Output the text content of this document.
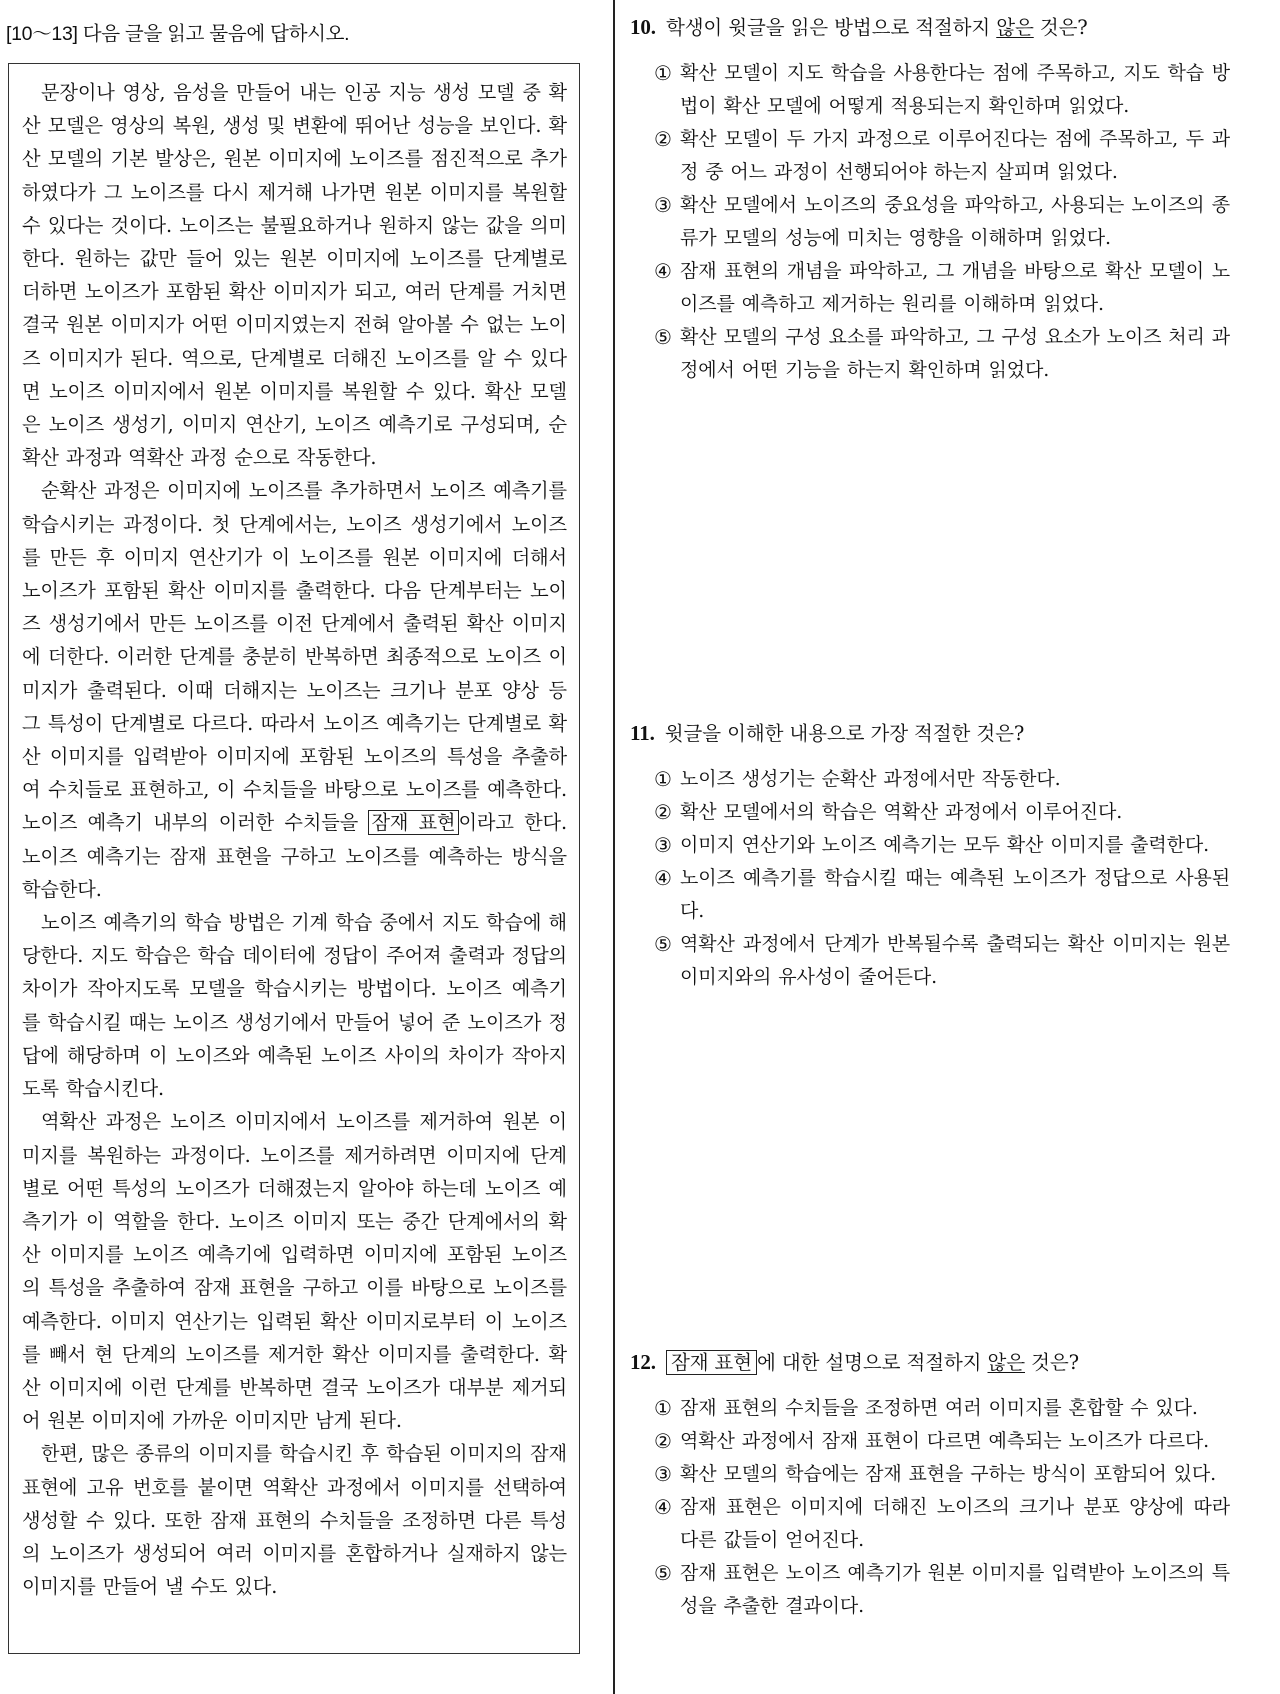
[10～13] 다음 글을 읽고 물음에 답하시오.

문장이나 영상, 음성을 만들어 내는 인공 지능 생성 모델 중 확산 모델은 영상의 복원, 생성 및 변환에 뛰어난 성능을 보인다. 확산 모델의 기본 발상은, 원본 이미지에 노이즈를 점진적으로 추가하였다가 그 노이즈를 다시 제거해 나가면 원본 이미지를 복원할 수 있다는 것이다. 노이즈는 불필요하거나 원하지 않는 값을 의미한다. 원하는 값만 들어 있는 원본 이미지에 노이즈를 단계별로 더하면 노이즈가 포함된 확산 이미지가 되고, 여러 단계를 거치면 결국 원본 이미지가 어떤 이미지였는지 전혀 알아볼 수 없는 노이즈 이미지가 된다. 역으로, 단계별로 더해진 노이즈를 알 수 있다면 노이즈 이미지에서 원본 이미지를 복원할 수 있다. 확산 모델은 노이즈 생성기, 이미지 연산기, 노이즈 예측기로 구성되며, 순확산 과정과 역확산 과정 순으로 작동한다.

순확산 과정은 이미지에 노이즈를 추가하면서 노이즈 예측기를 학습시키는 과정이다. 첫 단계에서는, 노이즈 생성기에서 노이즈를 만든 후 이미지 연산기가 이 노이즈를 원본 이미지에 더해서 노이즈가 포함된 확산 이미지를 출력한다. 다음 단계부터는 노이즈 생성기에서 만든 노이즈를 이전 단계에서 출력된 확산 이미지에 더한다. 이러한 단계를 충분히 반복하면 최종적으로 노이즈 이미지가 출력된다. 이때 더해지는 노이즈는 크기나 분포 양상 등 그 특성이 단계별로 다르다. 따라서 노이즈 예측기는 단계별로 확산 이미지를 입력받아 이미지에 포함된 노이즈의 특성을 추출하여 수치들로 표현하고, 이 수치들을 바탕으로 노이즈를 예측한다. 노이즈 예측기 내부의 이러한 수치들을 잠재 표현 이라고 한다. 노이즈 예측기는 잠재 표현을 구하고 노이즈를 예측하는 방식을 학습한다.

노이즈 예측기의 학습 방법은 기계 학습 중에서 지도 학습에 해당한다. 지도 학습은 학습 데이터에 정답이 주어져 출력과 정답의 차이가 작아지도록 모델을 학습시키는 방법이다. 노이즈 예측기를 학습시킬 때는 노이즈 생성기에서 만들어 넣어 준 노이즈가 정답에 해당하며 이 노이즈와 예측된 노이즈 사이의 차이가 작아지도록 학습시킨다.

역확산 과정은 노이즈 이미지에서 노이즈를 제거하여 원본 이미지를 복원하는 과정이다. 노이즈를 제거하려면 이미지에 단계별로 어떤 특성의 노이즈가 더해졌는지 알아야 하는데 노이즈 예측기가 이 역할을 한다. 노이즈 이미지 또는 중간 단계에서의 확산 이미지를 노이즈 예측기에 입력하면 이미지에 포함된 노이즈의 특성을 추출하여 잠재 표현을 구하고 이를 바탕으로 노이즈를 예측한다. 이미지 연산기는 입력된 확산 이미지로부터 이 노이즈를 빼서 현 단계의 노이즈를 제거한 확산 이미지를 출력한다. 확산 이미지에 이런 단계를 반복하면 결국 노이즈가 대부분 제거되어 원본 이미지에 가까운 이미지만 남게 된다.

한편, 많은 종류의 이미지를 학습시킨 후 학습된 이미지의 잠재 표현에 고유 번호를 붙이면 역확산 과정에서 이미지를 선택하여 생성할 수 있다. 또한 잠재 표현의 수치들을 조정하면 다른 특성의 노이즈가 생성되어 여러 이미지를 혼합하거나 실재하지 않는 이미지를 만들어 낼 수도 있다.

10. 학생이 윗글을 읽은 방법으로 적절하지 않은 것은?
① 확산 모델이 지도 학습을 사용한다는 점에 주목하고, 지도 학습 방법이 확산 모델에 어떻게 적용되는지 확인하며 읽었다.
② 확산 모델이 두 가지 과정으로 이루어진다는 점에 주목하고, 두 과정 중 어느 과정이 선행되어야 하는지 살피며 읽었다.
③ 확산 모델에서 노이즈의 중요성을 파악하고, 사용되는 노이즈의 종류가 모델의 성능에 미치는 영향을 이해하며 읽었다.
④ 잠재 표현의 개념을 파악하고, 그 개념을 바탕으로 확산 모델이 노이즈를 예측하고 제거하는 원리를 이해하며 읽었다.
⑤ 확산 모델의 구성 요소를 파악하고, 그 구성 요소가 노이즈 처리 과정에서 어떤 기능을 하는지 확인하며 읽었다.
11. 윗글을 이해한 내용으로 가장 적절한 것은?
① 노이즈 생성기는 순확산 과정에서만 작동한다.
② 확산 모델에서의 학습은 역확산 과정에서 이루어진다.
③ 이미지 연산기와 노이즈 예측기는 모두 확산 이미지를 출력한다.
④ 노이즈 예측기를 학습시킬 때는 예측된 노이즈가 정답으로 사용된다.
⑤ 역확산 과정에서 단계가 반복될수록 출력되는 확산 이미지는 원본 이미지와의 유사성이 줄어든다.
12. 잠재 표현 에 대한 설명으로 적절하지 않은 것은?
① 잠재 표현의 수치들을 조정하면 여러 이미지를 혼합할 수 있다.
② 역확산 과정에서 잠재 표현이 다르면 예측되는 노이즈가 다르다.
③ 확산 모델의 학습에는 잠재 표현을 구하는 방식이 포함되어 있다.
④ 잠재 표현은 이미지에 더해진 노이즈의 크기나 분포 양상에 따라 다른 값들이 얻어진다.
⑤ 잠재 표현은 노이즈 예측기가 원본 이미지를 입력받아 노이즈의 특성을 추출한 결과이다.
